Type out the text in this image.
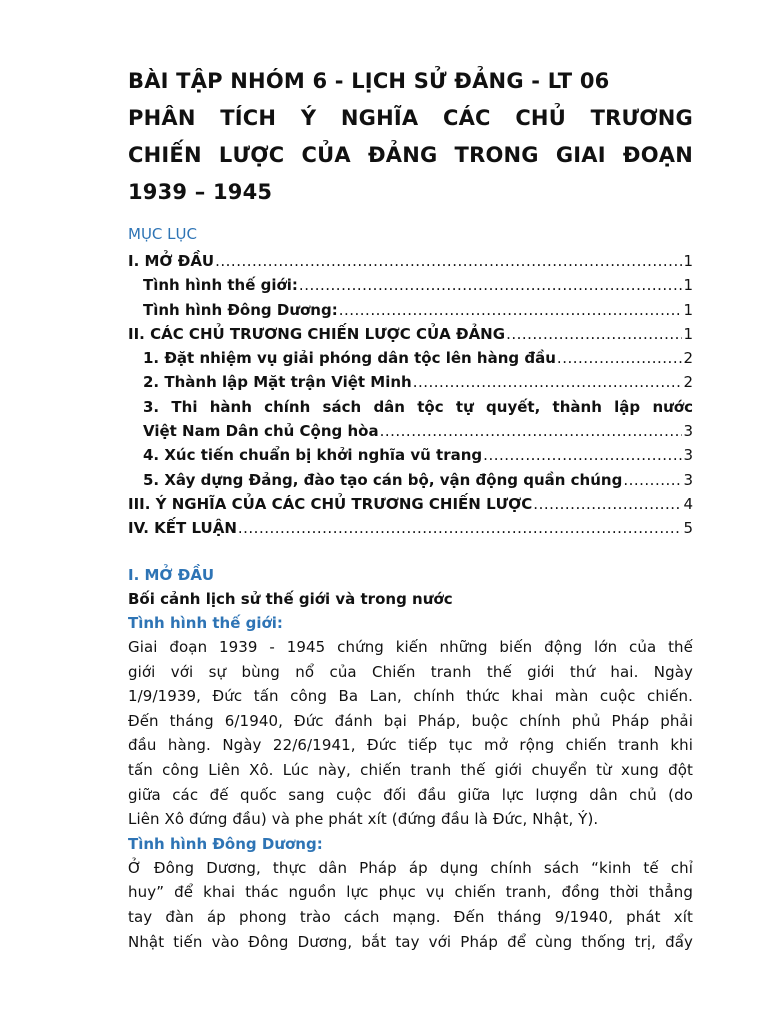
BÀI TẬP NHÓM 6 - LỊCH SỬ ĐẢNG - LT 06
PHÂN TÍCH Ý NGHĨA CÁC CHỦ TRƯƠNG
CHIẾN LƯỢC CỦA ĐẢNG TRONG GIAI ĐOẠN
1939 – 1945
MỤC LỤC
I. MỞ ĐẦU .....	1
Tình hình thế giới: .....	1
Tình hình Đông Dương: .....	1
II. CÁC CHỦ TRƯƠNG CHIẾN LƯỢC CỦA ĐẢNG .....	1
1. Đặt nhiệm vụ giải phóng dân tộc lên hàng đầu .....	2
2. Thành lập Mặt trận Việt Minh .....	2
3. Thi hành chính sách dân tộc tự quyết, thành lập nước
Việt Nam Dân chủ Cộng hòa .....	3
4. Xúc tiến chuẩn bị khởi nghĩa vũ trang .....	3
5. Xây dựng Đảng, đào tạo cán bộ, vận động quần chúng .....	3
III. Ý NGHĨA CỦA CÁC CHỦ TRƯƠNG CHIẾN LƯỢC .....	4
IV. KẾT LUẬN .....	5
I. MỞ ĐẦU
Bối cảnh lịch sử thế giới và trong nước
Tình hình thế giới:
Giai đoạn 1939 - 1945 chứng kiến những biến động lớn của thế
giới với sự bùng nổ của Chiến tranh thế giới thứ hai. Ngày
1/9/1939, Đức tấn công Ba Lan, chính thức khai màn cuộc chiến.
Đến tháng 6/1940, Đức đánh bại Pháp, buộc chính phủ Pháp phải
đầu hàng. Ngày 22/6/1941, Đức tiếp tục mở rộng chiến tranh khi
tấn công Liên Xô. Lúc này, chiến tranh thế giới chuyển từ xung đột
giữa các đế quốc sang cuộc đối đầu giữa lực lượng dân chủ (do
Liên Xô đứng đầu) và phe phát xít (đứng đầu là Đức, Nhật, Ý).
Tình hình Đông Dương:
Ở Đông Dương, thực dân Pháp áp dụng chính sách “kinh tế chỉ
huy” để khai thác nguồn lực phục vụ chiến tranh, đồng thời thẳng
tay đàn áp phong trào cách mạng. Đến tháng 9/1940, phát xít
Nhật tiến vào Đông Dương, bắt tay với Pháp để cùng thống trị, đẩy
